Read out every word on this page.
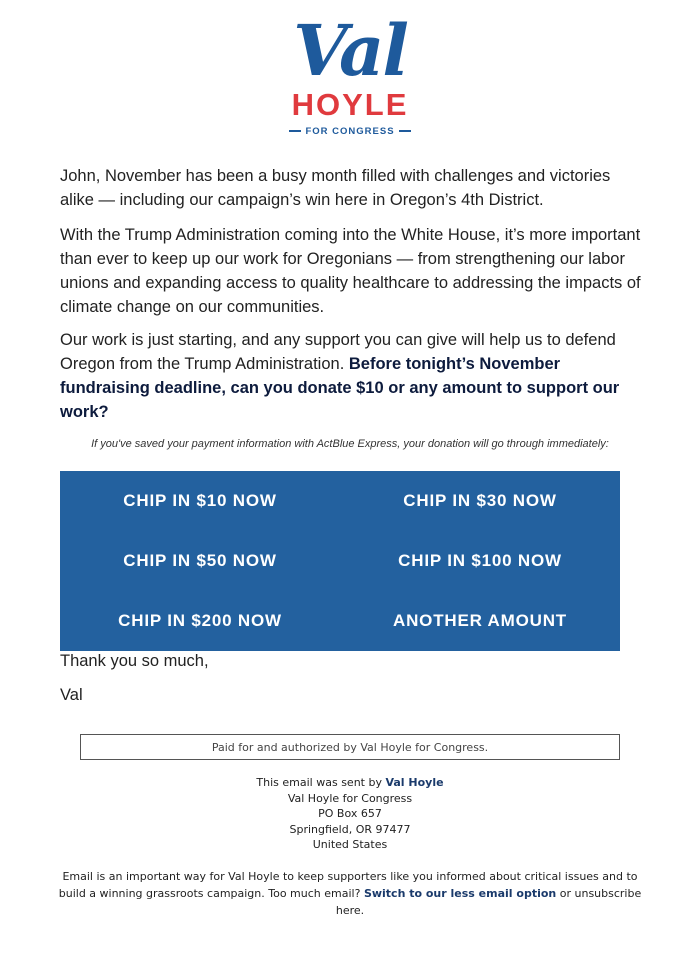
Val
HOYLE
FOR CONGRESS

John, November has been a busy month filled with challenges and victories alike — including our campaign’s win here in Oregon’s 4th District.

With the Trump Administration coming into the White House, it’s more important than ever to keep up our work for Oregonians — from strengthening our labor unions and expanding access to quality healthcare to addressing the impacts of climate change on our communities.

Our work is just starting, and any support you can give will help us to defend Oregon from the Trump Administration. Before tonight’s November fundraising deadline, can you donate $10 or any amount to support our work?

If you've saved your payment information with ActBlue Express, your donation will go through immediately:
CHIP IN $10 NOW	CHIP IN $30 NOW
CHIP IN $50 NOW	CHIP IN $100 NOW
CHIP IN $200 NOW	ANOTHER AMOUNT
Thank you so much,
Val
Paid for and authorized by Val Hoyle for Congress.
This email was sent by Val Hoyle
Val Hoyle for Congress
PO Box 657
Springfield, OR 97477
United States
Email is an important way for Val Hoyle to keep supporters like you informed about critical issues and to build a winning grassroots campaign. Too much email? Switch to our less email option or unsubscribe here.
